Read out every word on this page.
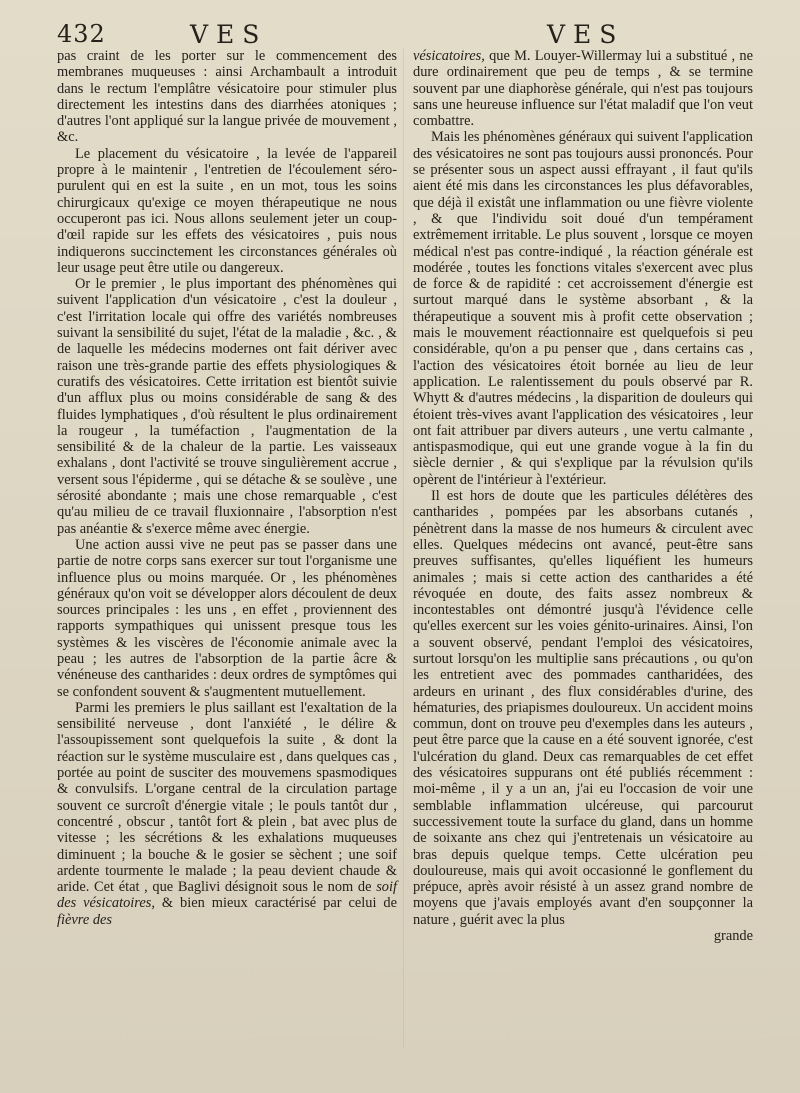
432	VES	VES

pas craint de les porter sur le commencement des membranes muqueuses : ainsi Archambault a introduit dans le rectum l'emplâtre vésicatoire pour stimuler plus directement les intestins dans des diarrhées atoniques ; d'autres l'ont appliqué sur la langue privée de mouvement , &c.

Le placement du vésicatoire , la levée de l'appareil propre à le maintenir , l'entretien de l'écoulement séro-purulent qui en est la suite , en un mot, tous les soins chirurgicaux qu'exige ce moyen thérapeutique ne nous occuperont pas ici. Nous allons seulement jeter un coup-d'œil rapide sur les effets des vésicatoires , puis nous indiquerons succinctement les circonstances générales où leur usage peut être utile ou dangereux.

Or le premier , le plus important des phénomènes qui suivent l'application d'un vésicatoire , c'est la douleur , c'est l'irritation locale qui offre des variétés nombreuses suivant la sensibilité du sujet, l'état de la maladie , &c. , & de laquelle les médecins modernes ont fait dériver avec raison une très-grande partie des effets physiologiques & curatifs des vésicatoires. Cette irritation est bientôt suivie d'un afflux plus ou moins considérable de sang & des fluides lymphatiques , d'où résultent le plus ordinairement la rougeur , la tuméfaction , l'augmentation de la sensibilité & de la chaleur de la partie. Les vaisseaux exhalans , dont l'activité se trouve singulièrement accrue , versent sous l'épiderme , qui se détache & se soulève , une sérosité abondante ; mais une chose remarquable , c'est qu'au milieu de ce travail fluxionnaire , l'absorption n'est pas anéantie & s'exerce même avec énergie.

Une action aussi vive ne peut pas se passer dans une partie de notre corps sans exercer sur tout l'organisme une influence plus ou moins marquée. Or , les phénomènes généraux qu'on voit se développer alors découlent de deux sources principales : les uns , en effet , proviennent des rapports sympathiques qui unissent presque tous les systèmes & les viscères de l'économie animale avec la peau ; les autres de l'absorption de la partie âcre & vénéneuse des cantharides : deux ordres de symptômes qui se confondent souvent & s'augmentent mutuellement.

Parmi les premiers le plus saillant est l'exaltation de la sensibilité nerveuse , dont l'anxiété , le délire & l'assoupissement sont quelquefois la suite , & dont la réaction sur le système musculaire est , dans quelques cas , portée au point de susciter des mouvemens spasmodiques & convulsifs. L'organe central de la circulation partage souvent ce surcroît d'énergie vitale ; le pouls tantôt dur , concentré , obscur , tantôt fort & plein , bat avec plus de vitesse ; les sécrétions & les exhalations muqueuses diminuent ; la bouche & le gosier se sèchent ; une soif ardente tourmente le malade ; la peau devient chaude & aride. Cet état , que Baglivi désignoit sous le nom de soif des vésicatoires, & bien mieux caractérisé par celui de fièvre des

vésicatoires, que M. Louyer-Willermay lui a substitué , ne dure ordinairement que peu de temps , & se termine souvent par une diaphorèse générale, qui n'est pas toujours sans une heureuse influence sur l'état maladif que l'on veut combattre.

Mais les phénomènes généraux qui suivent l'application des vésicatoires ne sont pas toujours aussi prononcés. Pour se présenter sous un aspect aussi effrayant , il faut qu'ils aient été mis dans les circonstances les plus défavorables, que déjà il existât une inflammation ou une fièvre violente , & que l'individu soit doué d'un tempérament extrêmement irritable. Le plus souvent , lorsque ce moyen médical n'est pas contre-indiqué , la réaction générale est modérée , toutes les fonctions vitales s'exercent avec plus de force & de rapidité : cet accroissement d'énergie est surtout marqué dans le système absorbant , & la thérapeutique a souvent mis à profit cette observation ; mais le mouvement réactionnaire est quelquefois si peu considérable, qu'on a pu penser que , dans certains cas , l'action des vésicatoires étoit bornée au lieu de leur application. Le ralentissement du pouls observé par R. Whytt & d'autres médecins , la disparition de douleurs qui étoient très-vives avant l'application des vésicatoires , leur ont fait attribuer par divers auteurs , une vertu calmante , antispasmodique, qui eut une grande vogue à la fin du siècle dernier , & qui s'explique par la révulsion qu'ils opèrent de l'intérieur à l'extérieur.

Il est hors de doute que les particules délétères des cantharides , pompées par les absorbans cutanés , pénètrent dans la masse de nos humeurs & circulent avec elles. Quelques médecins ont avancé, peut-être sans preuves suffisantes, qu'elles liquéfient les humeurs animales ; mais si cette action des cantharides a été révoquée en doute, des faits assez nombreux & incontestables ont démontré jusqu'à l'évidence celle qu'elles exercent sur les voies génito-urinaires. Ainsi, l'on a souvent observé, pendant l'emploi des vésicatoires, surtout lorsqu'on les multiplie sans précautions , ou qu'on les entretient avec des pommades cantharidées, des ardeurs en urinant , des flux considérables d'urine, des hématuries, des priapismes douloureux. Un accident moins commun, dont on trouve peu d'exemples dans les auteurs , peut être parce que la cause en a été souvent ignorée, c'est l'ulcération du gland. Deux cas remarquables de cet effet des vésicatoires suppurans ont été publiés récemment : moi-même , il y a un an, j'ai eu l'occasion de voir une semblable inflammation ulcéreuse, qui parcourut successivement toute la surface du gland, dans un homme de soixante ans chez qui j'entretenais un vésicatoire au bras depuis quelque temps. Cette ulcération peu douloureuse, mais qui avoit occasionné le gonflement du prépuce, après avoir résisté à un assez grand nombre de moyens que j'avais employés avant d'en soupçonner la nature , guérit avec la plus

grande
